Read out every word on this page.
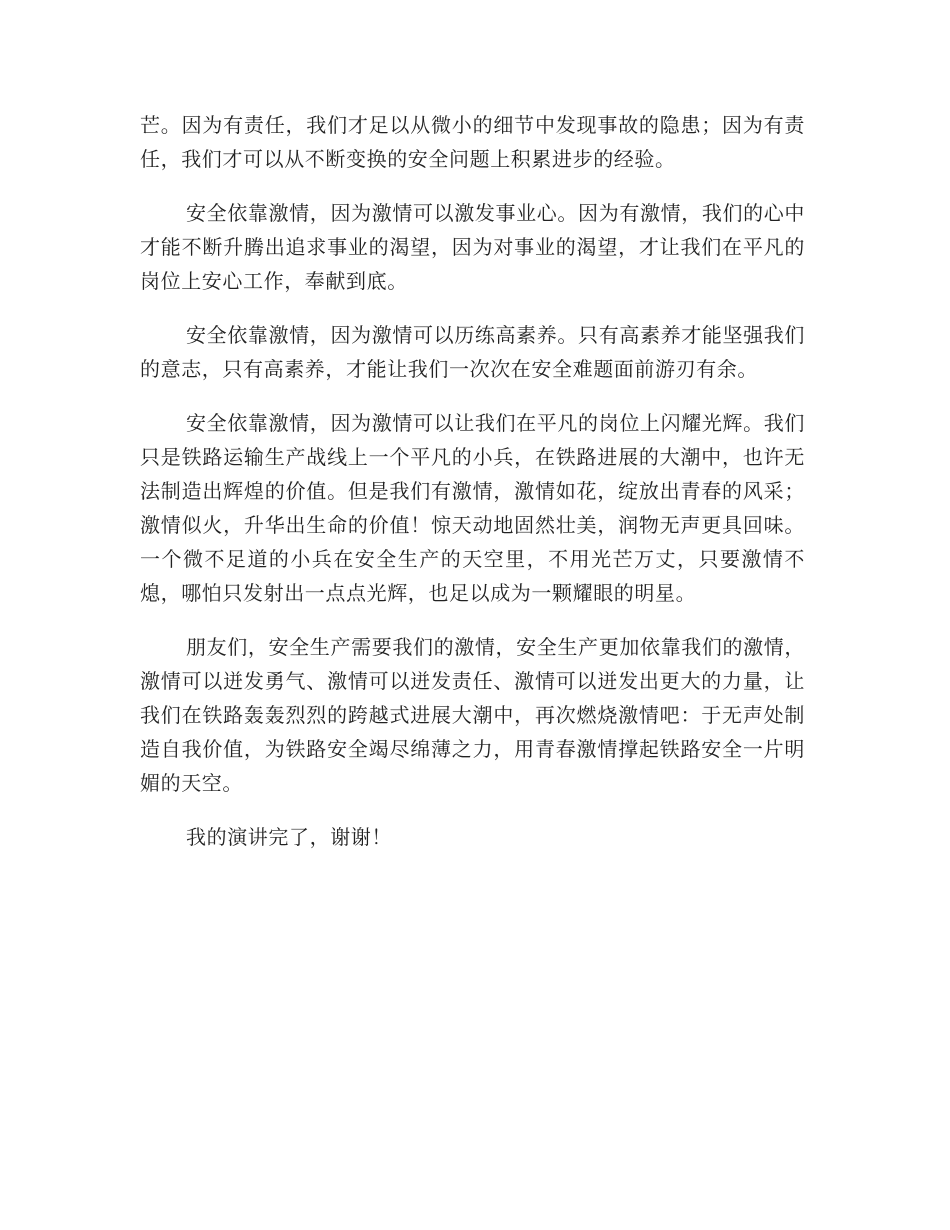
芒。因为有责任，我们才足以从微小的细节中发现事故的隐患；因为有责任，我们才可以从不断变换的安全问题上积累进步的经验。

安全依靠激情，因为激情可以激发事业心。因为有激情，我们的心中才能不断升腾出追求事业的渴望，因为对事业的渴望，才让我们在平凡的岗位上安心工作，奉献到底。

安全依靠激情，因为激情可以历练高素养。只有高素养才能坚强我们的意志，只有高素养，才能让我们一次次在安全难题面前游刃有余。

安全依靠激情，因为激情可以让我们在平凡的岗位上闪耀光辉。我们只是铁路运输生产战线上一个平凡的小兵，在铁路进展的大潮中，也许无法制造出辉煌的价值。但是我们有激情，激情如花，绽放出青春的风采；激情似火，升华出生命的价值！惊天动地固然壮美，润物无声更具回味。一个微不足道的小兵在安全生产的天空里，不用光芒万丈，只要激情不熄，哪怕只发射出一点点光辉，也足以成为一颗耀眼的明星。

朋友们，安全生产需要我们的激情，安全生产更加依靠我们的激情，激情可以迸发勇气、激情可以迸发责任、激情可以迸发出更大的力量，让我们在铁路轰轰烈烈的跨越式进展大潮中，再次燃烧激情吧：于无声处制造自我价值，为铁路安全竭尽绵薄之力，用青春激情撑起铁路安全一片明媚的天空。

我的演讲完了，谢谢！
